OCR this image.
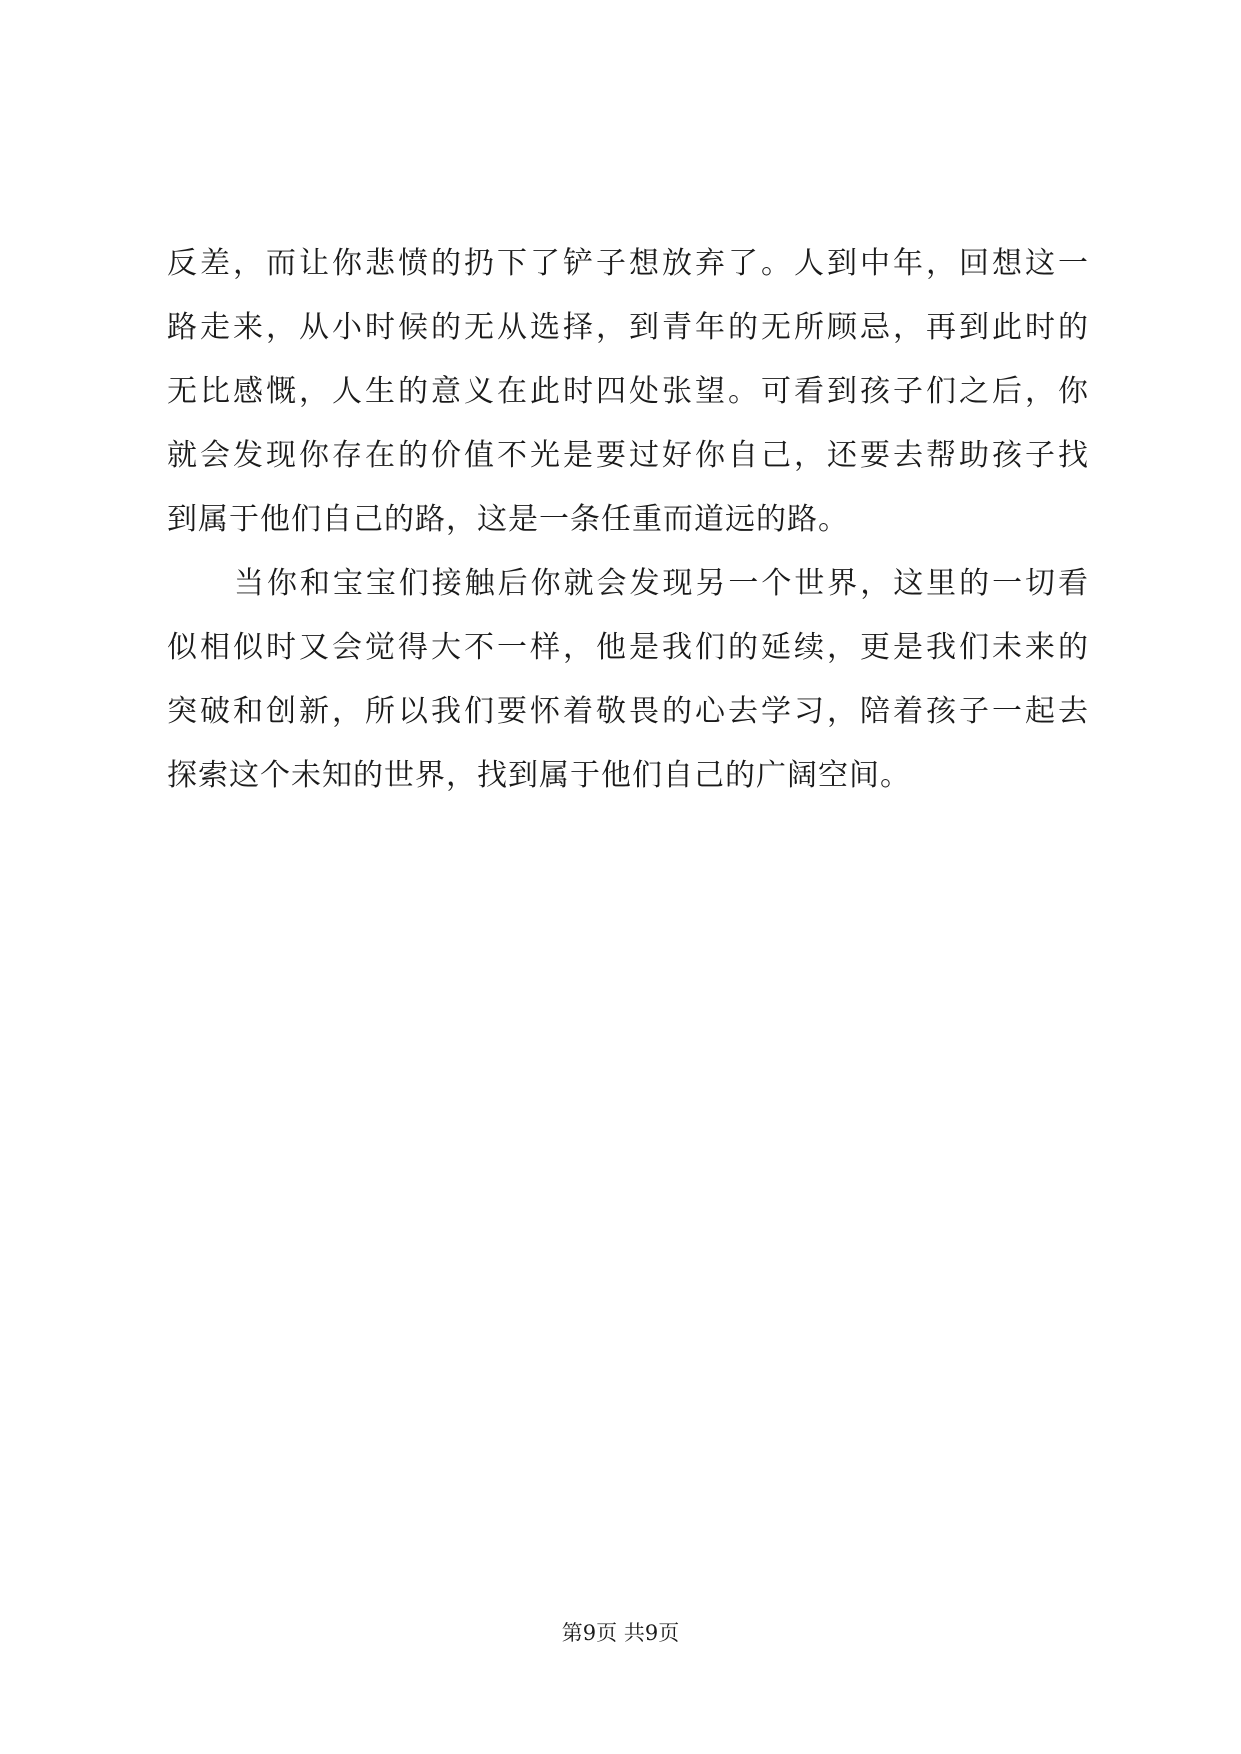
反差，而让你悲愤的扔下了铲子想放弃了。人到中年，回想这一
路走来，从小时候的无从选择，到青年的无所顾忌，再到此时的
无比感慨，人生的意义在此时四处张望。可看到孩子们之后，你
就会发现你存在的价值不光是要过好你自己，还要去帮助孩子找
到属于他们自己的路，这是一条任重而道远的路。
当你和宝宝们接触后你就会发现另一个世界，这里的一切看
似相似时又会觉得大不一样，他是我们的延续，更是我们未来的
突破和创新，所以我们要怀着敬畏的心去学习，陪着孩子一起去
探索这个未知的世界，找到属于他们自己的广阔空间。
第9页 共9页
